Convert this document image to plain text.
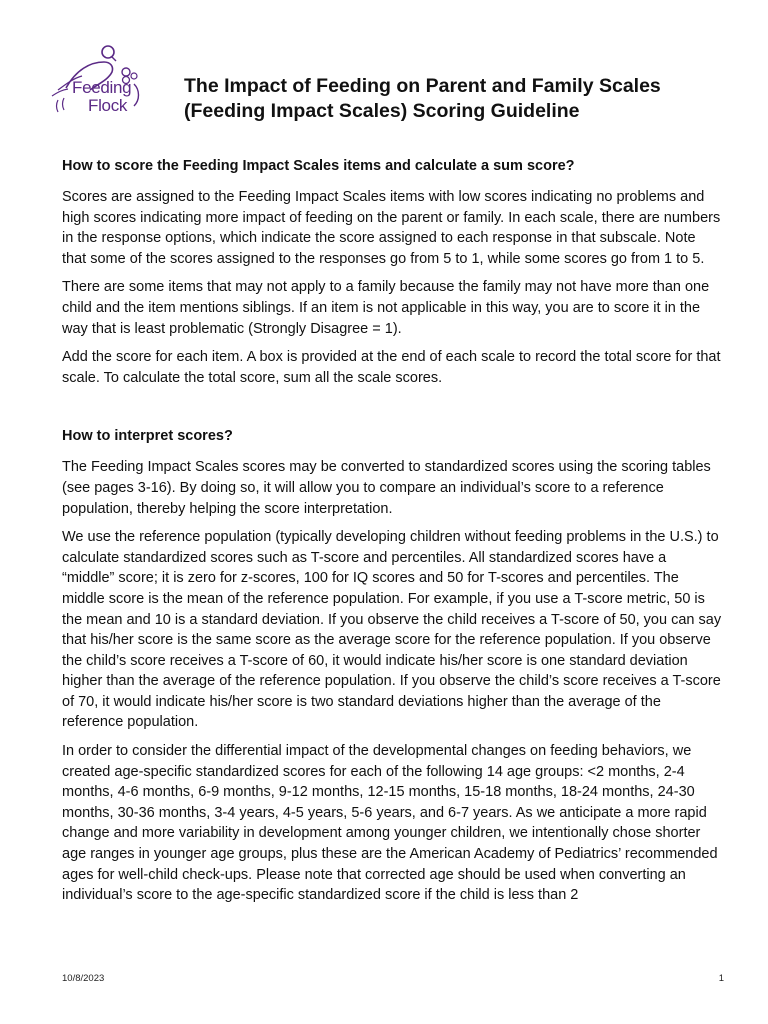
Feeding
Flock
The Impact of Feeding on Parent and Family Scales
(Feeding Impact Scales) Scoring Guideline
How to score the Feeding Impact Scales items and calculate a sum score?

Scores are assigned to the Feeding Impact Scales items with low scores indicating no problems and high scores indicating more impact of feeding on the parent or family. In each scale, there are numbers in the response options, which indicate the score assigned to each response in that subscale. Note that some of the scores assigned to the responses go from 5 to 1, while some scores go from 1 to 5.

There are some items that may not apply to a family because the family may not have more than one child and the item mentions siblings. If an item is not applicable in this way, you are to score it in the way that is least problematic (Strongly Disagree = 1).

Add the score for each item. A box is provided at the end of each scale to record the total score for that scale. To calculate the total score, sum all the scale scores.

How to interpret scores?

The Feeding Impact Scales scores may be converted to standardized scores using the scoring tables (see pages 3-16). By doing so, it will allow you to compare an individual’s score to a reference population, thereby helping the score interpretation.

We use the reference population (typically developing children without feeding problems in the U.S.) to calculate standardized scores such as T-score and percentiles. All standardized scores have a “middle” score; it is zero for z-scores, 100 for IQ scores and 50 for T-scores and percentiles. The middle score is the mean of the reference population. For example, if you use a T-score metric, 50 is the mean and 10 is a standard deviation. If you observe the child receives a T-score of 50, you can say that his/her score is the same score as the average score for the reference population. If you observe the child’s score receives a T-score of 60, it would indicate his/her score is one standard deviation higher than the average of the reference population. If you observe the child’s score receives a T-score of 70, it would indicate his/her score is two standard deviations higher than the average of the reference population.

In order to consider the differential impact of the developmental changes on feeding behaviors, we created age-specific standardized scores for each of the following 14 age groups: <2 months, 2-4 months, 4-6 months, 6-9 months, 9-12 months, 12-15 months, 15-18 months, 18-24 months, 24-30 months, 30-36 months, 3-4 years, 4-5 years, 5-6 years, and 6-7 years. As we anticipate a more rapid change and more variability in development among younger children, we intentionally chose shorter age ranges in younger age groups, plus these are the American Academy of Pediatrics’ recommended ages for well-child check-ups. Please note that corrected age should be used when converting an individual’s score to the age-specific standardized score if the child is less than 2

10/8/2023	1
